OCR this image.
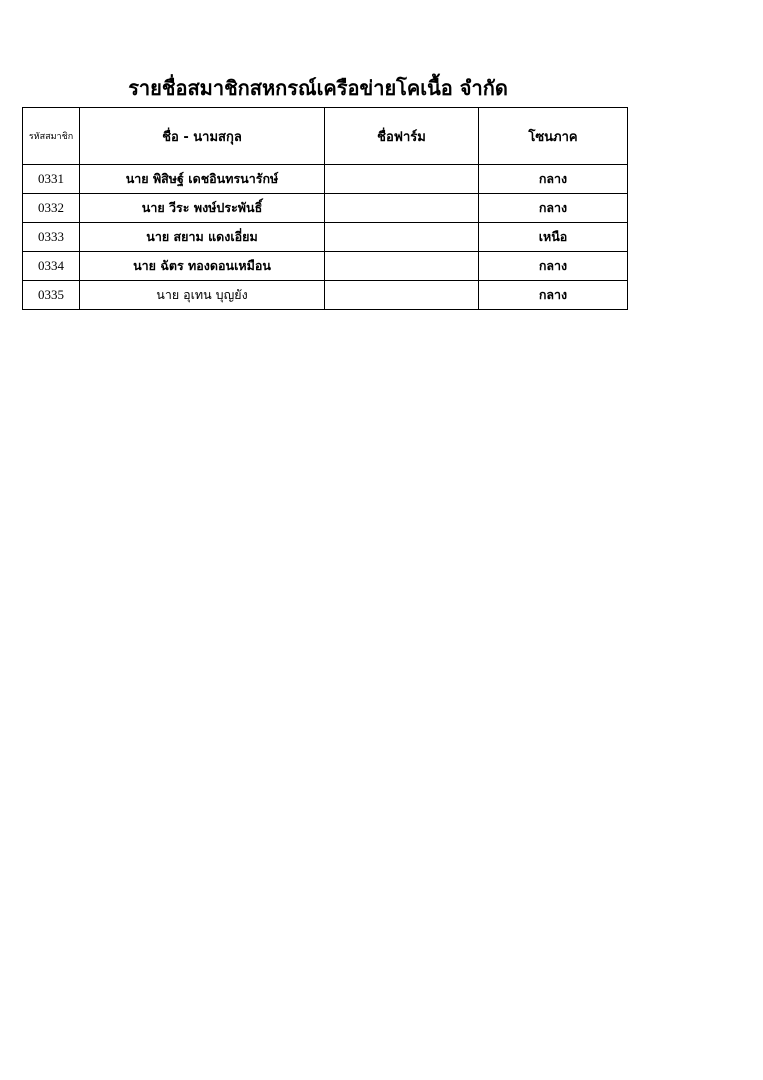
รายชื่อสมาชิกสหกรณ์เครือข่ายโคเนื้อ จำกัด
รหัสสมาชิก	ชื่อ - นามสกุล	ชื่อฟาร์ม	โซนภาค
0331	นาย พิสิษฐ์ เดชอินทรนารักษ์		กลาง
0332	นาย วีระ พงษ์ประพันธิ์		กลาง
0333	นาย สยาม แดงเอี่ยม		เหนือ
0334	นาย ฉัตร ทองดอนเหมือน		กลาง
0335	นาย อุเทน บุญยัง		กลาง
